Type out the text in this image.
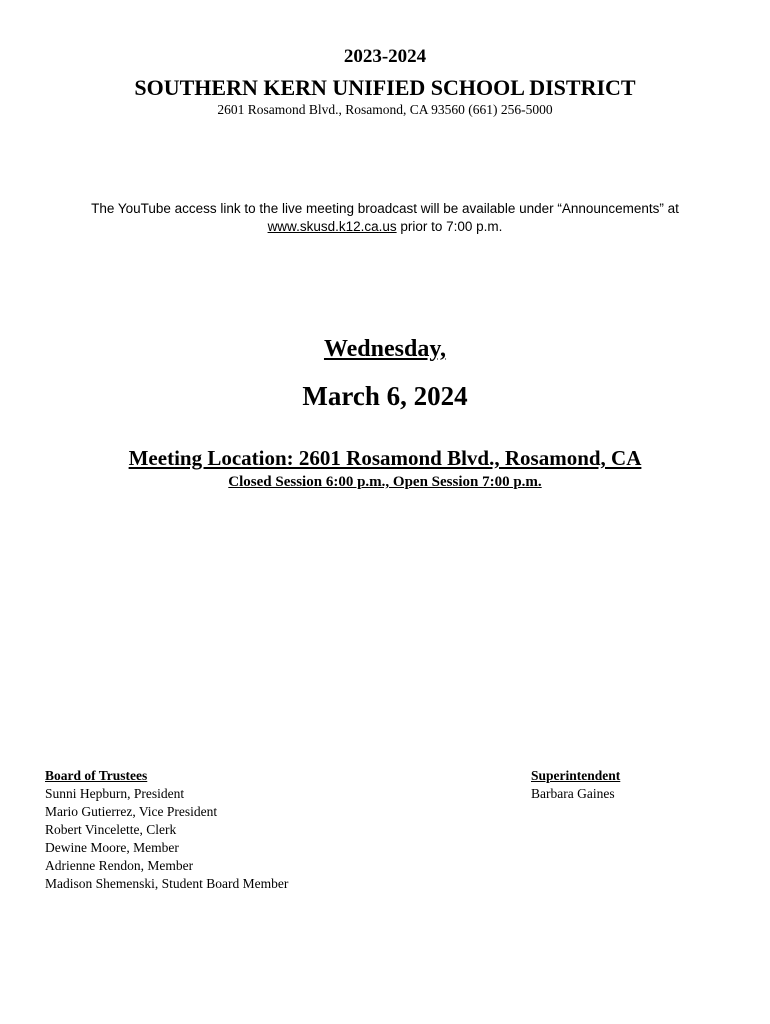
2023-2024
SOUTHERN KERN UNIFIED SCHOOL DISTRICT
2601 Rosamond Blvd., Rosamond, CA 93560 (661) 256-5000
The YouTube access link to the live meeting broadcast will be available under “Announcements” at
www.skusd.k12.ca.us prior to 7:00 p.m.
Wednesday,
March 6, 2024
Meeting Location: 2601 Rosamond Blvd., Rosamond, CA
Closed Session 6:00 p.m., Open Session 7:00 p.m.
Board of Trustees
Sunni Hepburn, President
Mario Gutierrez, Vice President
Robert Vincelette, Clerk
Dewine Moore, Member
Adrienne Rendon, Member
Madison Shemenski, Student Board Member
Superintendent
Barbara Gaines
